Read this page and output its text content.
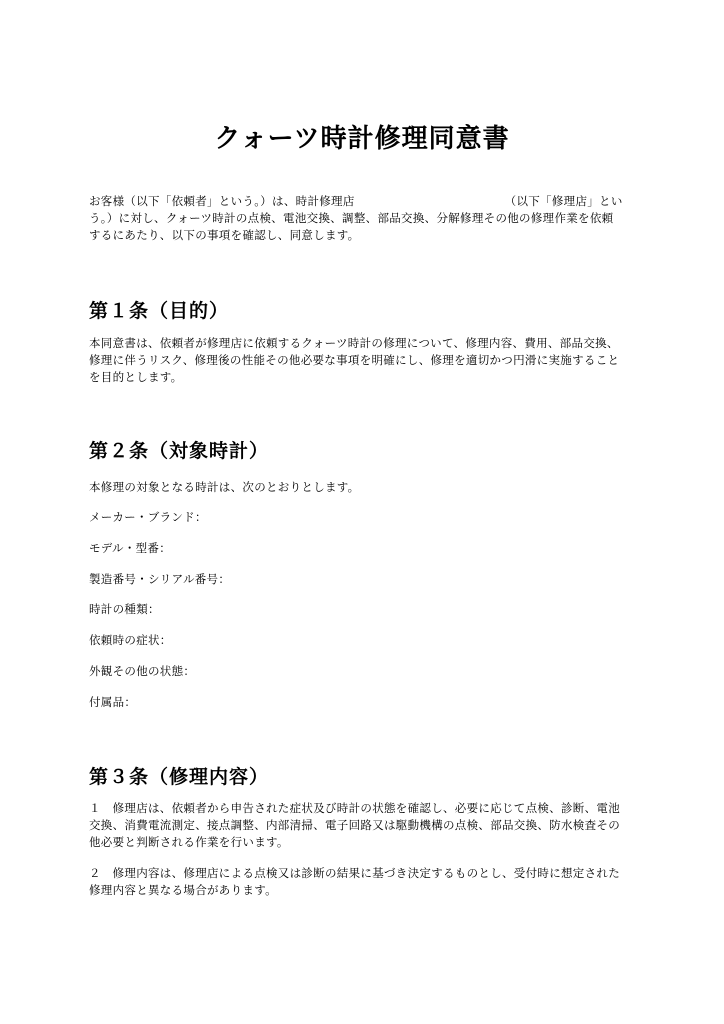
クォーツ時計修理同意書
お客様（以下「依頼者」という。）は、時計修理店	（以下「修理店」とい
う。）に対し、クォーツ時計の点検、電池交換、調整、部品交換、分解修理その他の修理作業を依頼
するにあたり、以下の事項を確認し、同意します。
第１条（目的）
本同意書は、依頼者が修理店に依頼するクォーツ時計の修理について、修理内容、費用、部品交換、
修理に伴うリスク、修理後の性能その他必要な事項を明確にし、修理を適切かつ円滑に実施すること
を目的とします。
第２条（対象時計）
本修理の対象となる時計は、次のとおりとします。
メーカー・ブランド：
モデル・型番：
製造番号・シリアル番号：
時計の種類：
依頼時の症状：
外観その他の状態：
付属品：
第３条（修理内容）
１　修理店は、依頼者から申告された症状及び時計の状態を確認し、必要に応じて点検、診断、電池
交換、消費電流測定、接点調整、内部清掃、電子回路又は駆動機構の点検、部品交換、防水検査その
他必要と判断される作業を行います。
２　修理内容は、修理店による点検又は診断の結果に基づき決定するものとし、受付時に想定された
修理内容と異なる場合があります。
